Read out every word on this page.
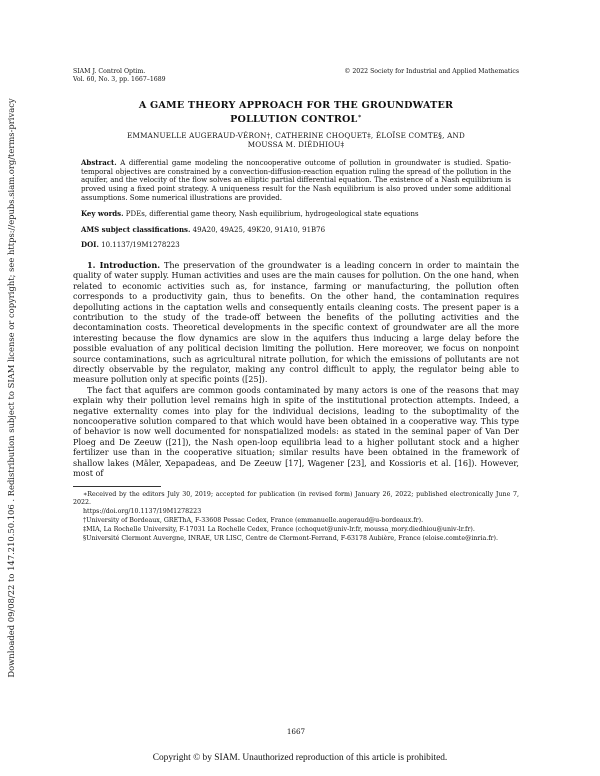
Downloaded 09/08/22 to 147.210.50.106 . Redistribution subject to SIAM license or copyright; see https://epubs.siam.org/terms-privacy
SIAM J. Control Optim.
Vol. 60, No. 3, pp. 1667–1689
© 2022 Society for Industrial and Applied Mathematics
A GAME THEORY APPROACH FOR THE GROUNDWATER
POLLUTION CONTROL∗
EMMANUELLE AUGERAUD-VÉRON†, CATHERINE CHOQUET‡, ÉLOÏSE COMTE§, AND
MOUSSA M. DIÉDHIOU‡
Abstract. A differential game modeling the noncooperative outcome of pollution in groundwater is studied. Spatio-temporal objectives are constrained by a convection-diffusion-reaction equation ruling the spread of the pollution in the aquifer, and the velocity of the flow solves an elliptic partial differential equation. The existence of a Nash equilibrium is proved using a fixed point strategy. A uniqueness result for the Nash equilibrium is also proved under some additional assumptions. Some numerical illustrations are provided.

Key words. PDEs, differential game theory, Nash equilibrium, hydrogeological state equations

AMS subject classifications. 49A20, 49A25, 49K20, 91A10, 91B76

DOI. 10.1137/19M1278223

1. Introduction. The preservation of the groundwater is a leading concern in order to maintain the quality of water supply. Human activities and uses are the main causes for pollution. On the one hand, when related to economic activities such as, for instance, farming or manufacturing, the pollution often corresponds to a productivity gain, thus to benefits. On the other hand, the contamination requires depolluting actions in the captation wells and consequently entails cleaning costs. The present paper is a contribution to the study of the trade-off between the benefits of the polluting activities and the decontamination costs. Theoretical developments in the specific context of groundwater are all the more interesting because the flow dynamics are slow in the aquifers thus inducing a large delay before the possible evaluation of any political decision limiting the pollution. Here moreover, we focus on nonpoint source contaminations, such as agricultural nitrate pollution, for which the emissions of pollutants are not directly observable by the regulator, making any control difficult to apply, the regulator being able to measure pollution only at specific points ([25]).

The fact that aquifers are common goods contaminated by many actors is one of the reasons that may explain why their pollution level remains high in spite of the institutional protection attempts. Indeed, a negative externality comes into play for the individual decisions, leading to the suboptimality of the noncooperative solution compared to that which would have been obtained in a cooperative way. This type of behavior is now well documented for nonspatialized models: as stated in the seminal paper of Van Der Ploeg and De Zeeuw ([21]), the Nash open-loop equilibria lead to a higher pollutant stock and a higher fertilizer use than in the cooperative situation; similar results have been obtained in the framework of shallow lakes (Mäler, Xepapadeas, and De Zeeuw [17], Wagener [23], and Kossioris et al. [16]). However, most of

∗Received by the editors July 30, 2019; accepted for publication (in revised form) January 26, 2022; published electronically June 7, 2022.

https://doi.org/10.1137/19M1278223

†University of Bordeaux, GREThA, F-33608 Pessac Cedex, France (emmanuelle.augeraud@u-bordeaux.fr).

‡MIA, La Rochelle University, F-17031 La Rochelle Cedex, France (cchoquet@univ-lr.fr, moussa_mory.diedhiou@univ-lr.fr).

§Université Clermont Auvergne, INRAE, UR LISC, Centre de Clermont-Ferrand, F-63178 Aubière, France (eloise.comte@inria.fr).

1667
Copyright © by SIAM. Unauthorized reproduction of this article is prohibited.
